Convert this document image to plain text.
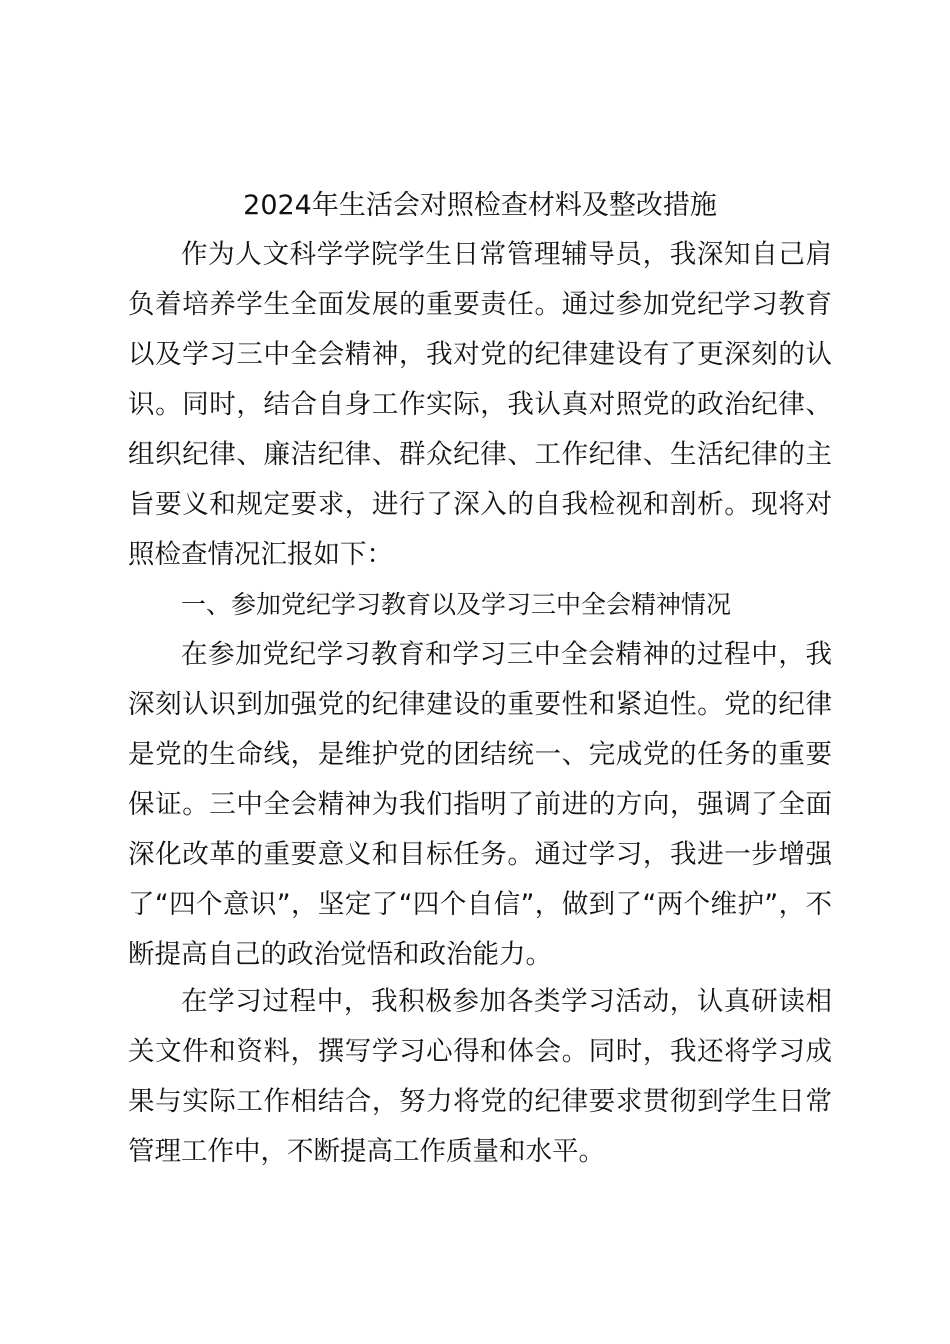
2024年生活会对照检查材料及整改措施

作为人文科学学院学生日常管理辅导员，我深知自己肩负着培养学生全面发展的重要责任。通过参加党纪学习教育以及学习三中全会精神，我对党的纪律建设有了更深刻的认识。同时，结合自身工作实际，我认真对照党的政治纪律、组织纪律、廉洁纪律、群众纪律、工作纪律、生活纪律的主旨要义和规定要求，进行了深入的自我检视和剖析。现将对照检查情况汇报如下：

一、参加党纪学习教育以及学习三中全会精神情况

在参加党纪学习教育和学习三中全会精神的过程中，我深刻认识到加强党的纪律建设的重要性和紧迫性。党的纪律是党的生命线，是维护党的团结统一、完成党的任务的重要保证。三中全会精神为我们指明了前进的方向，强调了全面深化改革的重要意义和目标任务。通过学习，我进一步增强了“四个意识”，坚定了“四个自信”，做到了“两个维护”，不断提高自己的政治觉悟和政治能力。

在学习过程中，我积极参加各类学习活动，认真研读相关文件和资料，撰写学习心得和体会。同时，我还将学习成果与实际工作相结合，努力将党的纪律要求贯彻到学生日常管理工作中，不断提高工作质量和水平。
